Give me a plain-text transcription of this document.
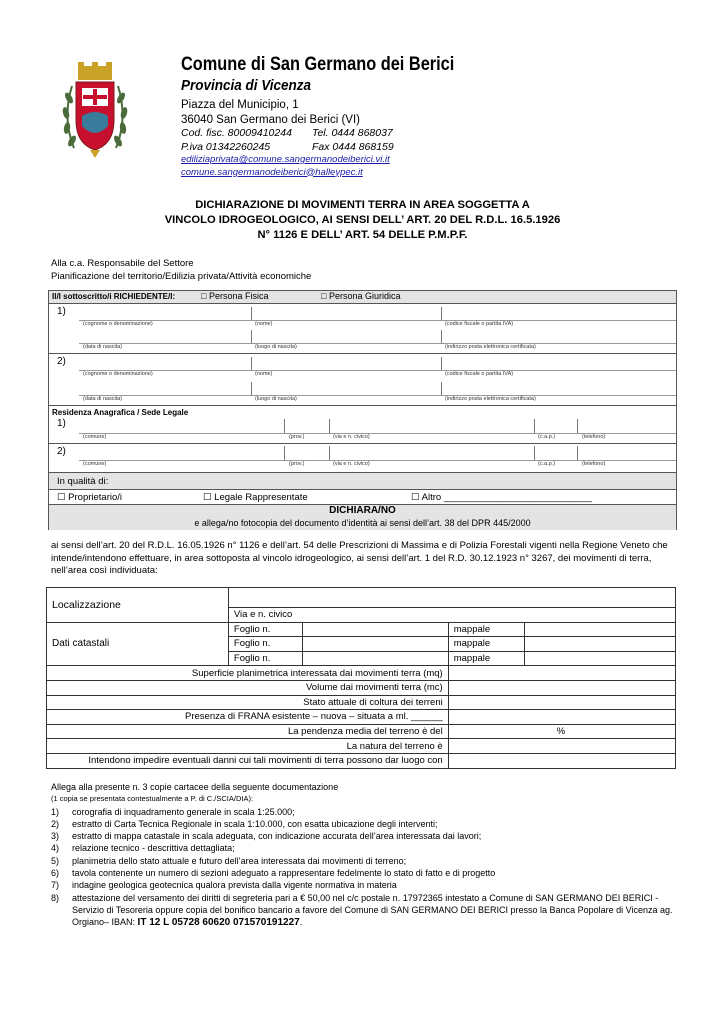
Comune di San Germano dei Berici
Provincia di Vicenza
Piazza del Municipio, 1
36040 San Germano dei Berici (VI)
Cod. fisc. 80009410244 Tel. 0444 868037
P.iva 01342260245	Fax 0444 868159
ediliziaprivata@comune.sangermanodeiberici.vi.it
comune.sangermanodeiberici@halleypec.it
DICHIARAZIONE DI MOVIMENTI TERRA IN AREA SOGGETTA A
VINCOLO IDROGEOLOGICO, AI SENSI DELL’ ART. 20 DEL R.D.L. 16.5.1926
N° 1126 E DELL’ ART. 54 DELLE P.M.P.F.
Alla c.a. Responsabile del Settore
Pianificazione del territorio/Edilizia privata/Attività economiche
Il/I sottoscritto/i RICHIEDENTE/I:	□ Persona Fisica	□ Persona Giuridica
1)
(cognome o denominazione)	(nome)	(codice fiscale o partita IVA)
(data di nascita)	(luogo di nascita)	(indirizzo posta elettronica certificata)
2)
(cognome o denominazione)	(nome)	(codice fiscale o partita IVA)
(data di nascita)	(luogo di nascita)	(indirizzo posta elettronica certificata)
Residenza Anagrafica / Sede Legale
1)
(comune)	(prov.)	(via e n. civico)	(c.a.p.)	(telefono)
2)
(comune)	(prov.)	(via e n. civico)	(c.a.p.)	(telefono)
In qualità di:
☐ Proprietario/i	☐ Legale Rappresentate	☐ Altro ____________________________
DICHIARA/NO
e allega/no fotocopia del documento d’identità ai sensi dell’art. 38 del DPR 445/2000
ai sensi dell’art. 20 del R.D.L. 16.05.1926 n° 1126 e dell’art. 54 delle Prescrizioni di Massima e di Polizia Forestali vigenti nella Regione Veneto che intende/intendono effettuare, in area sottoposta al vincolo idrogeologico, ai sensi dell’art. 1 del R.D. 30.12.1923 n° 3267, dei movimenti di terra, nell’area così individuata:
Localizzazione				
	Via e n. civico			
Dati catastali	Foglio n.		mappale	
	Foglio n.		mappale	
	Foglio n.		mappale	
Superficie planimetrica interessata dai movimenti terra (mq)				
Volume dai movimenti terra (mc)				
Stato attuale di coltura dei terreni				
Presenza di FRANA esistente – nuova – situata a ml. ______				
La pendenza media del terreno è del			%	
La natura del terreno è				
Intendono impedire eventuali danni cui tali movimenti di terra possono dar luogo con				
Allega alla presente n. 3 copie cartacee della seguente documentazione
(1 copia se presentata contestualmente a P. di C./SCIA/DIA):
1)	corografia di inquadramento generale in scala 1:25.000;
2)	estratto di Carta Tecnica Regionale in scala 1:10.000, con esatta ubicazione degli interventi;
3)	estratto di mappa catastale in scala adeguata, con indicazione accurata dell’area interessata dai lavori;
4)	relazione tecnico - descrittiva dettagliata;
5)	planimetria dello stato attuale e futuro dell’area interessata dai movimenti di terreno;
6)	tavola contenente un numero di sezioni adeguato a rappresentare fedelmente lo stato di fatto e di progetto
7)	indagine geologica geotecnica qualora prevista dalla vigente normativa in materia
8)	attestazione del versamento dei diritti di segreteria pari a € 50,00 nel c/c postale n. 17972365 intestato a Comune di SAN GERMANO DEI BERICI - Servizio di Tesoreria oppure copia del bonifico bancario a favore del Comune di SAN GERMANO DEI BERICI presso la Banca Popolare di Vicenza ag. Orgiano– IBAN: IT 12 L 05728 60620 071570191227.
